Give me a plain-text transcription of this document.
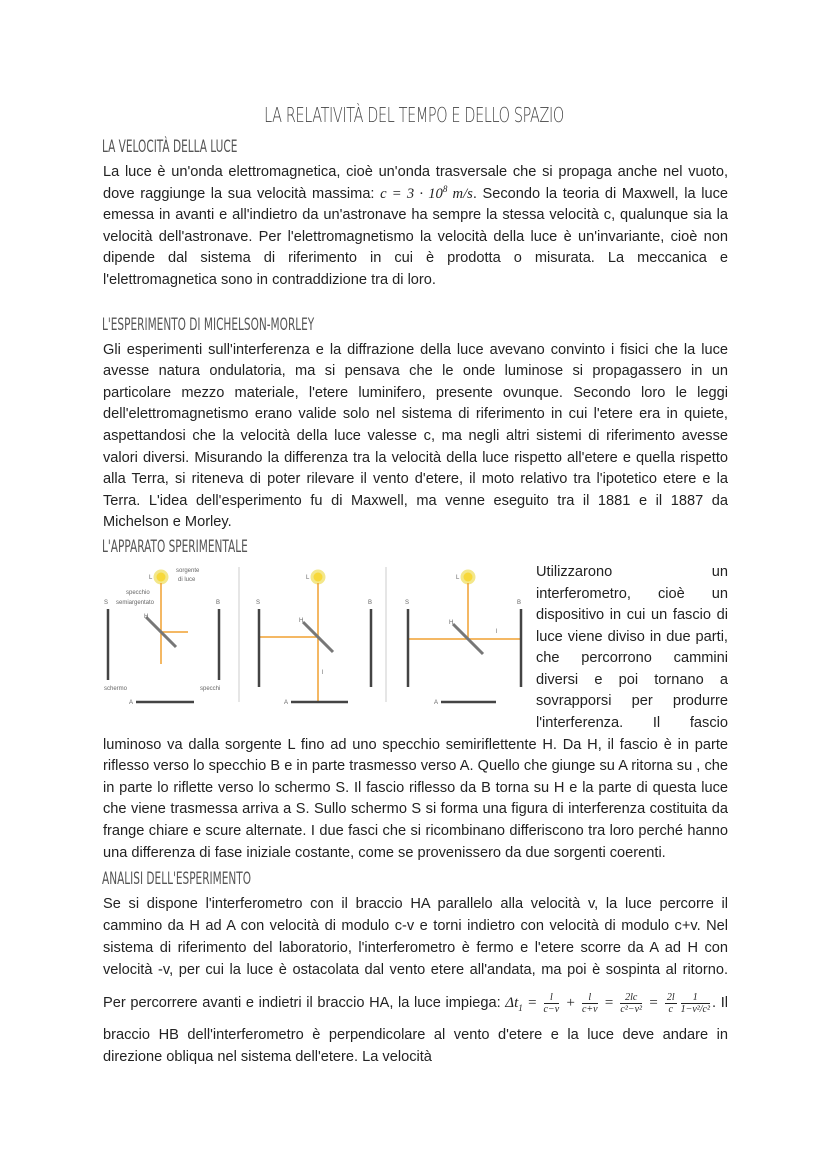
LA RELATIVITÀ DEL TEMPO E DELLO SPAZIO
LA VELOCITÀ DELLA LUCE
La luce è un'onda elettromagnetica, cioè un'onda trasversale che si propaga anche nel vuoto, dove raggiunge la sua velocità massima: $c = 3 \cdot 10^8$ m/s. Secondo la teoria di Maxwell, la luce emessa in avanti e all'indietro da un'astronave ha sempre la stessa velocità c, qualunque sia la velocità dell'astronave. Per l'elettromagnetismo la velocità della luce è un'invariante, cioè non dipende dal sistema di riferimento in cui è prodotta o misurata. La meccanica e l'elettromagnetica sono in contraddizione tra di loro.
L'ESPERIMENTO DI MICHELSON-MORLEY
Gli esperimenti sull'interferenza e la diffrazione della luce avevano convinto i fisici che la luce avesse natura ondulatoria, ma si pensava che le onde luminose si propagassero in un particolare mezzo materiale, l'etere luminifero, presente ovunque. Secondo loro le leggi dell'elettromagnetismo erano valide solo nel sistema di riferimento in cui l'etere era in quiete, aspettandosi che la velocità della luce valesse c, ma negli altri sistemi di riferimento avesse valori diversi. Misurando la differenza tra la velocità della luce rispetto all'etere e quella rispetto alla Terra, si riteneva di poter rilevare il vento d'etere, il moto relativo tra l'ipotetico etere e la Terra. L'idea dell'esperimento fu di Maxwell, ma venne eseguito tra il 1881 e il 1887 da Michelson e Morley.
L'APPARATO SPERIMENTALE
L
sorgente
di luce
specchio
semiargentato
S	B
H
schermo	specchi
A
L
S	B
H
A
l
L
S	B
H
A
l
Utilizzarono un interferometro, cioè un dispositivo in cui un fascio di luce viene diviso in due parti, che percorrono cammini diversi e poi tornano a sovrapporsi per produrre l'interferenza. Il fascio luminoso va dalla sorgente L fino ad uno specchio semiriflettente H. Da H, il fascio è in parte riflesso verso lo specchio B e in parte trasmesso verso A. Quello che giunge su A ritorna su , che in parte lo riflette verso lo schermo S. Il fascio riflesso da B torna su H e la parte di questa luce che viene trasmessa arriva a S. Sullo schermo S si forma una figura di interferenza costituita da frange chiare e scure alternate. I due fasci che si ricombinano differiscono tra loro perché hanno una differenza di fase iniziale costante, come se provenissero da due sorgenti coerenti.
ANALISI DELL'ESPERIMENTO
Se si dispone l'interferometro con il braccio HA parallelo alla velocità v, la luce percorre il cammino da H ad A con velocità di modulo c-v e torni indietro con velocità di modulo c+v. Nel sistema di riferimento del laboratorio, l'interferometro è fermo e l'etere scorre da A ad H con velocità -v, per cui la luce è ostacolata dal vento etere all'andata, ma poi è sospinta al ritorno. Per percorrere avanti e indietri il braccio HA, la luce impiega: $\Delta t_1 = \frac{l}{c-v} + \frac{l}{c+v} = \frac{2lc}{\text{c²−v²}} = \frac{2l}{c} \frac{1}{\text{1−v²/c²}}$ . Il braccio HB dell'interferometro è perpendicolare al vento d'etere e la luce deve andare in direzione obliqua nel sistema dell'etere. La velocità
